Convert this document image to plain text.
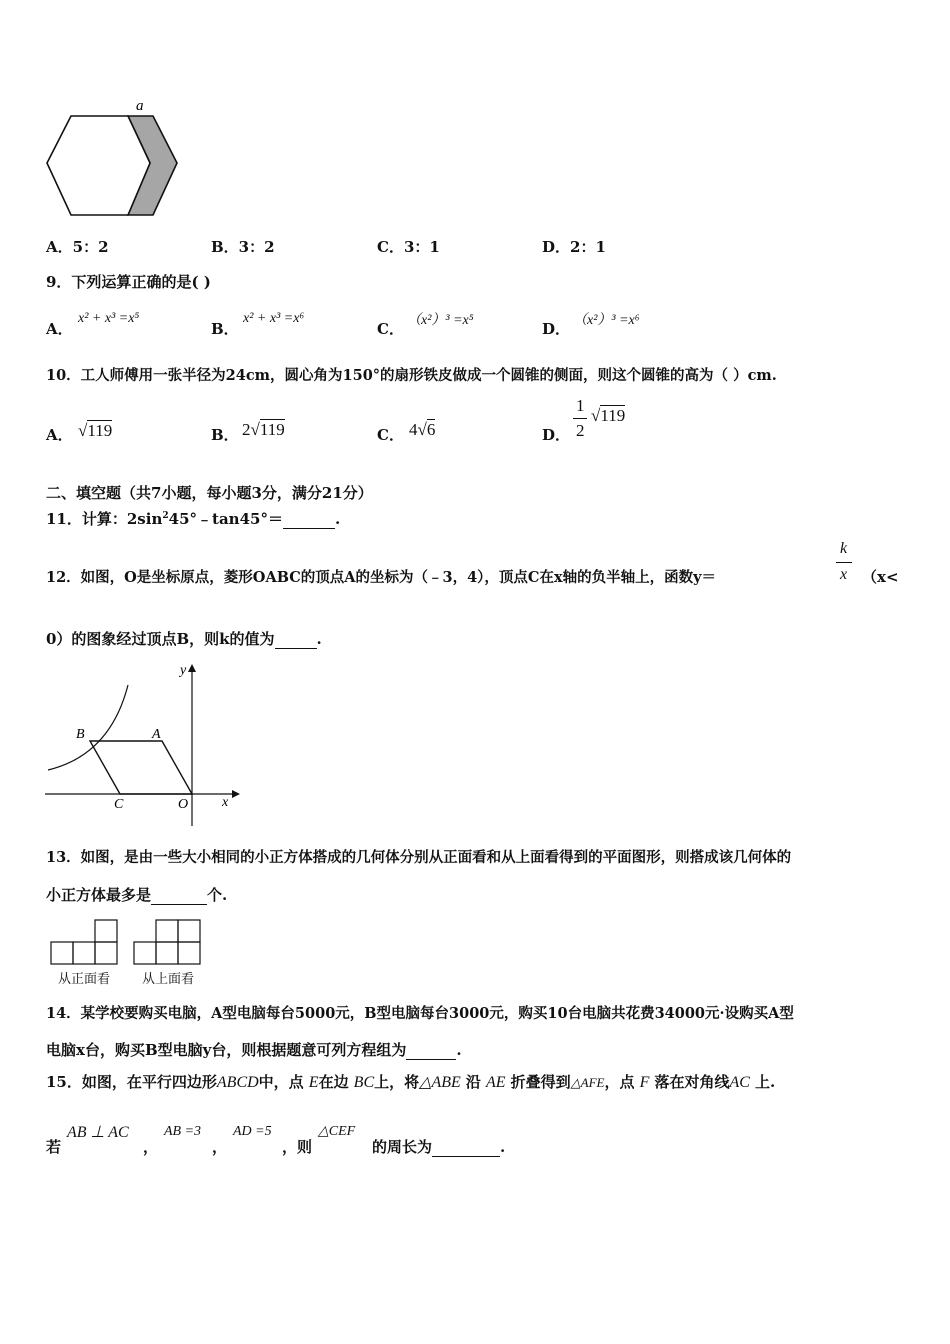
a
A．5：2	B．3：2	C．3：1	D．2：1
9．下列运算正确的是( )
A．
x² + x³ =x⁵
B．
x² + x³ =x⁶
C． （x²）³ =x⁵	D． （x²）³ =x⁶
10．工人师傅用一张半径为24cm，圆心角为150°的扇形铁皮做成一个圆锥的侧面，则这个圆锥的高为（ ）cm.
A． √119	B． 2√119	C． 4√6	D．
1
2
√119
二、填空题（共7小题，每小题3分，满分21分）
11．计算：$2\sin^245^\circ﹣\tan 45^\circ=$	.
12．如图，O是坐标原点，菱形OABC的顶点A的坐标为（﹣3，4），顶点C在x轴的负半轴上，函数y＝
k
x （x<
0）的图象经过顶点B，则k的值为	.
y
x
B	A
C	O
13．如图，是由一些大小相同的小正方体搭成的几何体分别从正面看和从上面看得到的平面图形，则搭成该几何体的
小正方体最多是	个.
从正面看 从上面看
14．某学校要购买电脑，A型电脑每台5000元，B型电脑每台3000元，购买10台电脑共花费34000元·设购买A型
电脑x台，购买B型电脑y台，则根据题意可列方程组为	.
15．如图，在平行四边形ABCD中，点 E在边 BC上，将△ABE 沿 AE 折叠得到△AFE，点 F 落在对角线AC 上.
若
AB ⊥ AC
，
AB =3
，
AD =5
，则
△CEF
的周长为	.
